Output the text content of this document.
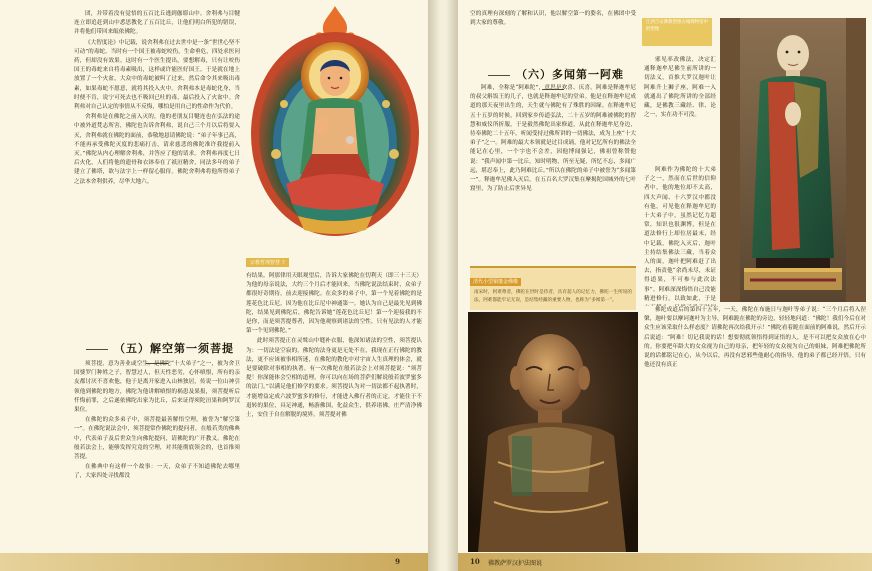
团，并带着没有觉悟的五百比丘逃到伽耶山中。舍利弗与目犍连立即追赶到山中悉思教化了五百比丘，让他们明白所犯的错误，并将他们带回来皈依佛陀。

《大智度论》中记载，说舍利弗在过去世中是一条“世世心坚不可动”的毒蛇。当时有一个国王被毒蛇咬伤，生命垂危，四处求医问药，但却没有效果。这时有一个医生提出，要想解毒，只有让咬伤国王的毒蛇来自将毒素吸出，这样或许能医好国王。于是就在地上放置了一个火盆，大众中的毒蛇被叫了过来，然后命令其来吸出毒素，如果毒蛇不愿意，就将其投入火中。舍利弗本是毒蛇化身，当时便不肯，说宁可死去也不吸回已吐的毒，最后投入了火盆中。舍利弗对自己认定的事情从不反悔，哪怕是用自己的性命作为代价。

舍利弗是在佛陀之前入灭的，他的老朋友目犍连也在弘法的途中被外道梵志所害，佛陀也告诉舍利弗，说自己三个月以后将要入灭，舍利弗就在佛陀的面前，恭敬地恳请佛陀说：“弟子年事已高，不能再承受佛陀灭度的悲痛打击，请求慈悲的佛陀准许我提前入灭。”佛陀从内心理解舍利弗，并答应了他的请求。舍利弗再度七日后火化，人们将他的遗骨和衣钵奉在了祇洹精舍，同法多年的弟子建立了佛塔，欲与法字上一样留心服侍。佛陀舍利弗将他所得弟子之法本舍利供养，尽华大地六。

宗教哲理智慧 7

有结果。阿那律用天眼观望后，告诉大家佛陀在忉利天（即三十三天）为他的母亲说法，大约三个月后才能回来。当佛陀说法结束时，众弟子都很好奇期待，前去迎接佛陀。在众多的弟子中，第一个见着佛陀的是莲花色比丘尼，因为他在比丘尼中神通第一。她认为自己是最先见到佛陀，结果见到佛陀后，佛陀告诉她“莲花色比丘尼！第一个迎接我的不是你，而是须菩提尊者，因为他观察到诸法的空性，只有见法的人才能第一个见到佛陀。”

此时须菩提正在灵鹫山中缝补衣服，他深知诸法的空性，须菩提认为：一切法是空寂的，佛陀的法身更是无处不在，我现在正行佛陀的教法，更不应该被事相所迷，在佛陀的教化中对宇宙人生真理的体会，就是要破除对事相的执著。有一次佛陀在般若法会上对须菩提说：“须菩提！你深能体会空相的道理，你可以向在场的菩萨们解说般若波罗蜜多的法门。”以满足他们修学的要求。须菩提认为对一切法都不起执著时，才能增益定成六波罗蜜多的修行，才能进入佛行者的正定，才能住于不退转的果位，具足神通，畅游佛国，化益众生，供养诸佛，庄严清净佛土，安住于自在解脱的境界。须菩提对佛

（五）解空第一须菩提

须菩提，意为善业或空生，是佛陀“十大弟子”之一，被为舍卫国婆罗门种姓之子，智慧过人，但天性恶劣，心怀嗔恨，所有的亲友都讨厌不喜欢他，他于是离开家进入山林独居，传说一位山神引领他到佛陀的地方，佛陀为他讲解嗔恨的祸患及果报，须菩提听后忏悔前罪，之后遂依佛陀出家为比丘，后来证得须陀洹果和阿罗汉果位。

在佛陀的众多弟子中，须菩提最善解悟空理，被誉为“解空第一”。在佛陀说法会中，须菩提常作佛陀的提问者，在般若类的佛典中，代表弟子及后世众生向佛陀提问，请佛陀的广开教义。佛陀在般若法会上，能够发挥究竟的空理，对其能彻底领会的，也首推须菩提。

在佛典中有这样一个故事：一天，众弟子不知道佛陀去哪里了，大家四处寻找都没

9

空的真理有深刻的了解和认识，他以解空第一的姿名，在佛团中受到大家的尊敬。

（六）多闻第一阿难

阿难，全称是“阿难陀”，意思是欢喜、庆喜。阿难是释迦牟尼的叔父斛饭王的儿子，也就是释迦牟尼的堂弟。他是在释迦牟尼成道的那天夜里出生的，天生就与佛陀有了殊胜的因缘。在释迦牟尼五十五岁的时候，回到家乡传道弘法，二十五岁的阿难被佛陀的智慧和威仪所折服，于是毅然佛陀出家修道，从此在释迦牟尼身边，侍奉佛陀二十五年。听闻受持过佛所讲的一切佛法，成为上座“十大弟子”之一。阿难的最大本领就是过目成诵，他对记忆所有的佛法全能记在心里，一个字也不会差，因他博闻强记，佛祖曾称赞他说：“我声闻中第一比丘，知时明物，所至无疑，所忆不忘，多闻广远，堪忍奉上，此乃阿难比丘。”所以在佛陀的弟子中被誉为“多闻第一”。释迦牟尼佛入灭后，在五百名大罗汉集在摩揭陀国城外的七叶窟里，为了防止后世异见

清代小型铜鎏金佛像
南宋时，阿难尊者，佛陀在世时是侍者，具有超人的记忆力，佛陀一生所说的法，阿难都能牢记无误，是结集经藏的重要人物，也称为“多闻第一”。
江西吉安佛教塑像古城博物馆中的塑像

邪见率改佛法，决定汇通释迦牟尼佛生前所讲的一切法义，首推大罗汉迦叶让阿难升上狮子座，阿难一入就通出了佛陀所讲的全部经藏，是佛教三藏经、律、论之一，实在功不可没。

阿难作为佛陀的十大弟子之一，然而在后世的信仰者中，他的地位却不太高，四大声闻、十六罗汉中都没有他，可见他在释迦牟尼的十大弟子中，虽然记忆力超常，知识也很渊博，但是在道法修行上却位居最末，经中记载，佛陀入灭后，迦叶主持结集佛法三藏，当着众人的面，迦叶把阿难赶了出去，指责他“余尚未尽，未证得道果，不可参与此次法事”。阿难深深悔悟自己没能精进修行，以致如此，于是

佛陀成道后的第四十五年，一天，佛陀在布施日与迦叶等弟子说：“三个月后将入涅槃，迦叶要以摩诃迦叶为主导，阿难跪在佛陀的旁边，轻轻地问道：“佛陀！我们今后在对众生应该采取什么样态度？请佛陀再次给我开示！”佛陀看着跪在面前的阿难说，然后开示后说道：“阿难！切记我说的话！想要彻底领悟得到证悟的人，是不可以把女众放在心中的。你要把年龄大的女众视为自己的母亲，把年轻的女众视为自己的姐妹，阿难把佛陀所说的话都铭记在心，从今以后，再没有恶邪些他耐心的指导，他的弟子都已经开悟，只有他还没有真正

10 佛教萨罗汉护法图说
